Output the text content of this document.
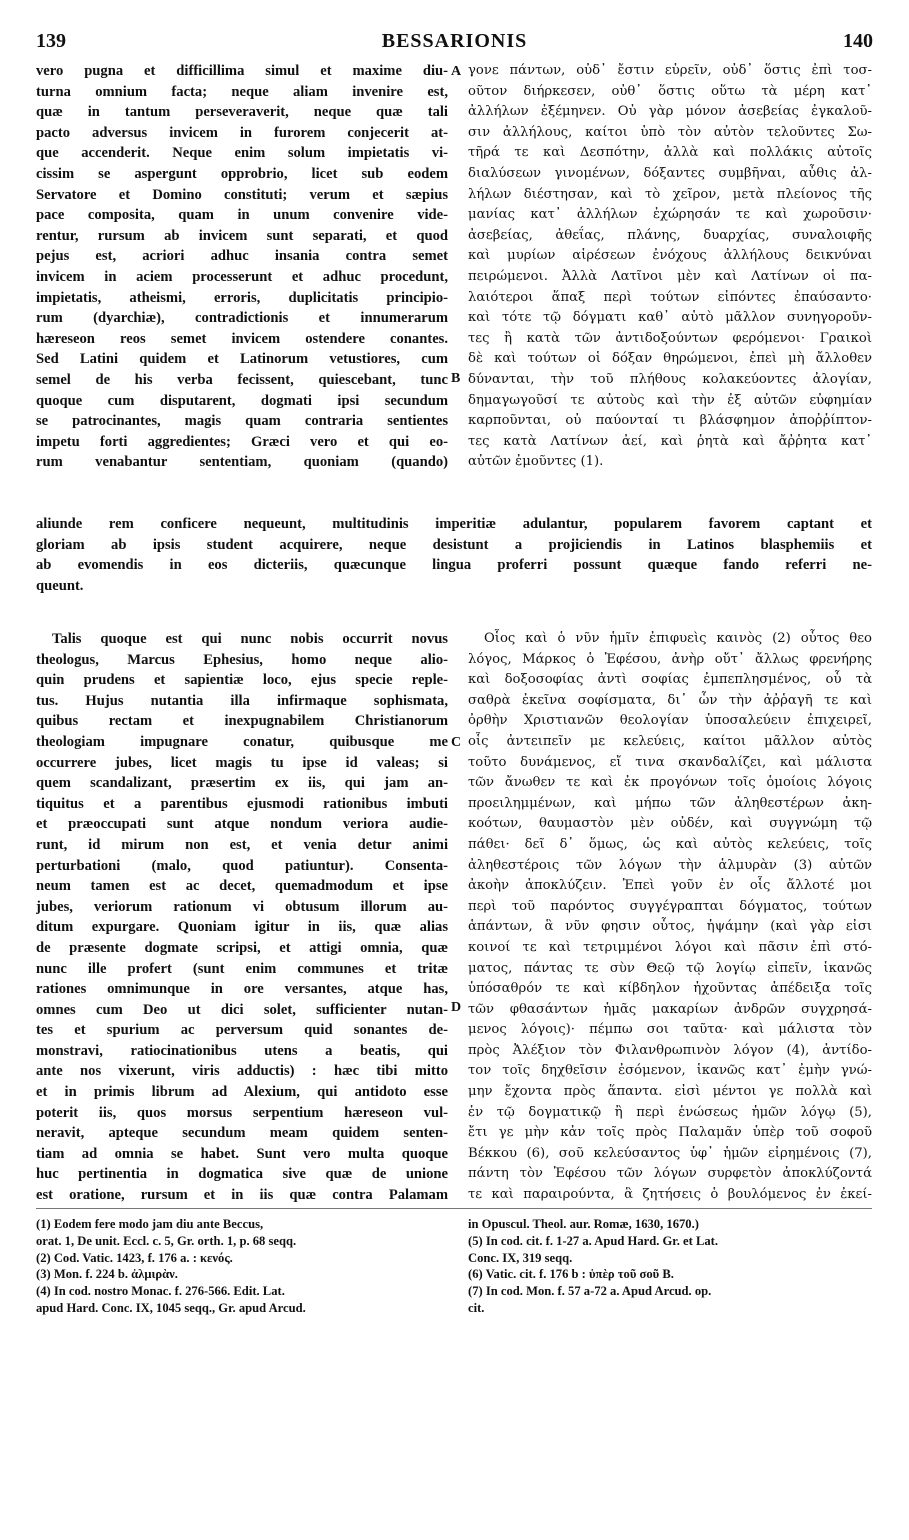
139	BESSARIONIS	140
vero pugna et difficillima simul et maxime diu-
turna omnium facta; neque aliam invenire est,
quæ in tantum perseveraverit, neque quæ tali
pacto adversus invicem in furorem conjecerit at-
que accenderit. Neque enim solum impietatis vi-
cissim se aspergunt opprobrio, licet sub eodem
Servatore et Domino constituti; verum et sæpius
pace composita, quam in unum convenire vide-
rentur, rursum ab invicem sunt separati, et quod
pejus est, acriori adhuc insania contra semet
invicem in aciem processerunt et adhuc procedunt,
impietatis, atheismi, erroris, duplicitatis principio-
rum (dyarchiæ), contradictionis et innumerarum
hæreseon reos semet invicem ostendere conantes.
Sed Latini quidem et Latinorum vetustiores, cum
semel de his verba fecissent, quiescebant, tunc
quoque cum disputarent, dogmati ipsi secundum
se patrocinantes, magis quam contraria sentientes
impetu forti aggredientes; Græci vero et qui eo-
rum venabantur sententiam, quoniam (quando)
γονε πάντων, οὐδ᾽ ἔστιν εὑρεῖν, οὐδ᾽ ὅστις ἐπὶ τοσ-
οῦτον διήρκεσεν, οὐθ᾽ ὅστις οὕτω τὰ μέρη κατ᾽
ἀλλήλων ἐξέμηνεν. Οὐ γὰρ μόνον ἀσεβείας ἐγκαλοῦ-
σιν ἀλλήλους, καίτοι ὑπὸ τὸν αὐτὸν τελοῦντες Σω-
τῆρά τε καὶ Δεσπότην, ἀλλὰ καὶ πολλάκις αὐτοῖς
διαλύσεων γινομένων, δόξαντες συμβῆναι, αὖθις ἀλ-
λήλων διέστησαν, καὶ τὸ χεῖρον, μετὰ πλείονος τῆς
μανίας κατ᾽ ἀλλήλων ἐχώρησάν τε καὶ χωροῦσιν·
ἀσεβείας, ἀθεΐας, πλάνης, δυαρχίας, συναλοιφῆς
καὶ μυρίων αἱρέσεων ἐνόχους ἀλλήλους δεικνύναι
πειρώμενοι. Ἀλλὰ Λατῖνοι μὲν καὶ Λατίνων οἱ πα-
λαιότεροι ἅπαξ περὶ τούτων εἰπόντες ἐπαύσαντο·
καὶ τότε τῷ δόγματι καθ᾽ αὑτὸ μᾶλλον συνηγοροῦν-
τες ἢ κατὰ τῶν ἀντιδοξούντων φερόμενοι· Γραικοὶ
δὲ καὶ τούτων οἱ δόξαν θηρώμενοι, ἐπεὶ μὴ ἄλλοθεν
δύνανται, τὴν τοῦ πλήθους κολακεύοντες ἀλογίαν,
δημαγωγοῦσί τε αὐτοὺς καὶ τὴν ἐξ αὐτῶν εὐφημίαν
καρποῦνται, οὐ παύονταί τι βλάσφημον ἀποῤῥίπτον-
τες κατὰ Λατίνων ἀεί, καὶ ῥητὰ καὶ ἄῤῥητα κατ᾽
αὐτῶν ἐμοῦντες (1).
A
B
aliunde rem conficere nequeunt, multitudinis imperitiæ adulantur, popularem favorem captant et
gloriam ab ipsis student acquirere, neque desistunt a projiciendis in Latinos blasphemiis et
ab evomendis in eos dicteriis, quæcunque lingua proferri possunt quæque fando referri ne-
queunt.
Talis quoque est qui nunc nobis occurrit novus
theologus, Marcus Ephesius, homo neque alio-
quin prudens et sapientiæ loco, ejus specie reple-
tus. Hujus nutantia illa infirmaque sophismata,
quibus rectam et inexpugnabilem Christianorum
theologiam impugnare conatur, quibusque me
occurrere jubes, licet magis tu ipse id valeas; si
quem scandalizant, præsertim ex iis, qui jam an-
tiquitus et a parentibus ejusmodi rationibus imbuti
et præoccupati sunt atque nondum veriora audie-
runt, id mirum non est, et venia detur animi
perturbationi (malo, quod patiuntur). Consenta-
neum tamen est ac decet, quemadmodum et ipse
jubes, veriorum rationum vi obtusum illorum au-
ditum expurgare. Quoniam igitur in iis, quæ alias
de præsente dogmate scripsi, et attigi omnia, quæ
nunc ille profert (sunt enim communes et tritæ
rationes omnimunque in ore versantes, atque has,
omnes cum Deo ut dici solet, sufficienter nutan-
tes et spurium ac perversum quid sonantes de-
monstravi, ratiocinationibus utens a beatis, qui
ante nos vixerunt, viris adductis) : hæc tibi mitto
et in primis librum ad Alexium, qui antidoto esse
poterit iis, quos morsus serpentium hæreseon vul-
neravit, apteque secundum meam quidem senten-
tiam ad omnia se habet. Sunt vero multa quoque
huc pertinentia in dogmatica sive quæ de unione
est oratione, rursum et in iis quæ contra Palamam
Οἷος καὶ ὁ νῦν ἡμῖν ἐπιφυεὶς καινὸς (2) οὗτος θεο
λόγος, Μάρκος ὁ Ἐφέσου, ἀνὴρ οὔτ᾽ ἄλλως φρενήρης
καὶ δοξοσοφίας ἀντὶ σοφίας ἐμπεπλησμένος, οὗ τὰ
σαθρὰ ἐκεῖνα σοφίσματα, δι᾽ ὧν τὴν ἀῤῥαγῆ τε καὶ
ὀρθὴν Χριστιανῶν θεολογίαν ὑποσαλεύειν ἐπιχειρεῖ,
οἷς ἀντειπεῖν με κελεύεις, καίτοι μᾶλλον αὐτὸς
τοῦτο δυνάμενος, εἴ τινα σκανδαλίζει, καὶ μάλιστα
τῶν ἄνωθεν τε καὶ ἐκ προγόνων τοῖς ὁμοίοις λόγοις
προειλημμένων, καὶ μήπω τῶν ἀληθεστέρων ἀκη-
κοότων, θαυμαστὸν μὲν οὐδέν, καὶ συγγνώμη τῷ
πάθει· δεῖ δ᾽ ὅμως, ὡς καὶ αὐτὸς κελεύεις, τοῖς
ἀληθεστέροις τῶν λόγων τὴν ἁλμυρὰν (3) αὐτῶν
ἀκοὴν ἀποκλύζειν. Ἐπεὶ γοῦν ἐν οἷς ἄλλοτέ μοι
περὶ τοῦ παρόντος συγγέγραπται δόγματος, τούτων
ἁπάντων, ἃ νῦν φησιν οὗτος, ἡψάμην (καὶ γὰρ εἰσι
κοινοί τε καὶ τετριμμένοι λόγοι καὶ πᾶσιν ἐπὶ στό-
ματος, πάντας τε σὺν Θεῷ τῷ λογίῳ εἰπεῖν, ἱκανῶς
ὑπόσαθρόν τε καὶ κίβδηλον ἠχοῦντας ἀπέδειξα τοῖς
τῶν φθασάντων ἡμᾶς μακαρίων ἀνδρῶν συγχρησά-
μενος λόγοις)· πέμπω σοι ταῦτα· καὶ μάλιστα τὸν
πρὸς Ἀλέξιον τὸν Φιλανθρωπινὸν λόγον (4), ἀντίδο-
τον τοῖς δηχθεῖσιν ἐσόμενον, ἱκανῶς κατ᾽ ἐμὴν γνώ-
μην ἔχοντα πρὸς ἅπαντα. εἰσὶ μέντοι γε πολλὰ καὶ
ἐν τῷ δογματικῷ ἢ περὶ ἑνώσεως ἡμῶν λόγῳ (5),
ἔτι γε μὴν κἀν τοῖς πρὸς Παλαμᾶν ὑπὲρ τοῦ σοφοῦ
Βέκκου (6), σοῦ κελεύσαντος ὑφ᾽ ἡμῶν εἰρημένοις (7),
πάντη τὸν Ἐφέσου τῶν λόγων συρφετὸν ἀποκλύζοντά
τε καὶ παραιρούντα, ἃ ζητήσεις ὁ βουλόμενος ἐν ἐκεί-
C
D
(1) Eodem fere modo jam diu ante Beccus,
orat. 1, De unit. Eccl. c. 5, Gr. orth. 1, p. 68 seqq.
(2) Cod. Vatic. 1423, f. 176 a. : κενός.
(3) Mon. f. 224 b. ἀλμιρὰν.
(4) In cod. nostro Monac. f. 276-566. Edit. Lat.
apud Hard. Conc. IX, 1045 seqq., Gr. apud Arcud.
in Opuscul. Theol. aur. Romæ, 1630, 1670.)
(5) In cod. cit. f. 1-27 a. Apud Hard. Gr. et Lat.
Conc. IX, 319 seqq.
(6) Vatic. cit. f. 176 b : ὑπὲρ τοῦ σοῦ B.
(7) In cod. Mon. f. 57 a-72 a. Apud Arcud. op.
cit.
